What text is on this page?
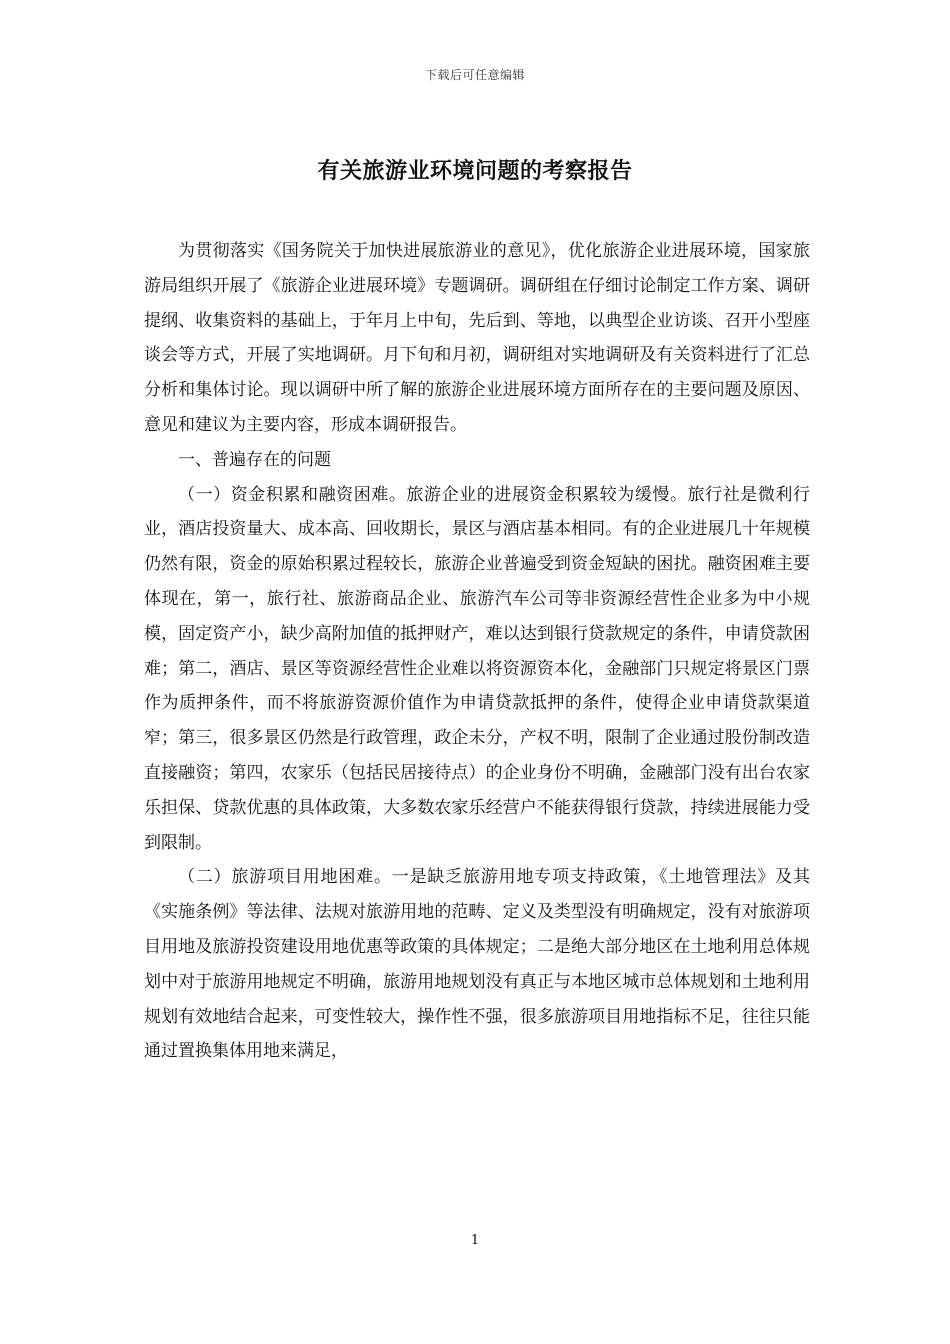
下载后可任意编辑
有关旅游业环境问题的考察报告

为贯彻落实《国务院关于加快进展旅游业的意见》，优化旅游企业进展环境，国家旅游局组织开展了《旅游企业进展环境》专题调研。调研组在仔细讨论制定工作方案、调研提纲、收集资料的基础上，于年月上中旬，先后到、等地，以典型企业访谈、召开小型座谈会等方式，开展了实地调研。月下旬和月初，调研组对实地调研及有关资料进行了汇总分析和集体讨论。现以调研中所了解的旅游企业进展环境方面所存在的主要问题及原因、意见和建议为主要内容，形成本调研报告。

一、普遍存在的问题

（一）资金积累和融资困难。旅游企业的进展资金积累较为缓慢。旅行社是微利行业，酒店投资量大、成本高、回收期长，景区与酒店基本相同。有的企业进展几十年规模仍然有限，资金的原始积累过程较长，旅游企业普遍受到资金短缺的困扰。融资困难主要体现在，第一，旅行社、旅游商品企业、旅游汽车公司等非资源经营性企业多为中小规模，固定资产小，缺少高附加值的抵押财产，难以达到银行贷款规定的条件，申请贷款困难；第二，酒店、景区等资源经营性企业难以将资源资本化，金融部门只规定将景区门票作为质押条件，而不将旅游资源价值作为申请贷款抵押的条件，使得企业申请贷款渠道窄；第三，很多景区仍然是行政管理，政企未分，产权不明，限制了企业通过股份制改造直接融资；第四，农家乐（包括民居接待点）的企业身份不明确，金融部门没有出台农家乐担保、贷款优惠的具体政策，大多数农家乐经营户不能获得银行贷款，持续进展能力受到限制。

（二）旅游项目用地困难。一是缺乏旅游用地专项支持政策，《土地管理法》及其《实施条例》等法律、法规对旅游用地的范畴、定义及类型没有明确规定，没有对旅游项目用地及旅游投资建设用地优惠等政策的具体规定；二是绝大部分地区在土地利用总体规划中对于旅游用地规定不明确，旅游用地规划没有真正与本地区城市总体规划和土地利用规划有效地结合起来，可变性较大，操作性不强，很多旅游项目用地指标不足，往往只能通过置换集体用地来满足，

1
